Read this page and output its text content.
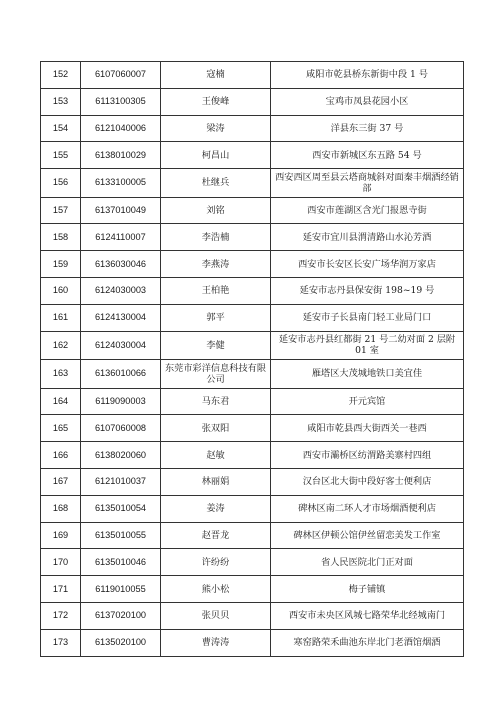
152	6107060007	寇楠	咸阳市乾县桥东新街中段 1 号
153	6113100305	王俊峰	宝鸡市凤县花园小区
154	6121040006	梁涛	洋县东三街 37 号
155	6138010029	柯昌山	西安市新城区东五路 54 号
156	6133100005	杜继兵	西安西区周至县云塔商城斜对面秦丰烟酒经销部
157	6137010049	刘铭	西安市莲湖区含光门报恩寺街
158	6124110007	李浩楠	延安市宜川县渭清路山水沁芳酒
159	6136030046	李燕涛	西安市长安区长安广场华润万家店
160	6124030003	王柏艳	延安市志丹县保安街 198~19 号
161	6124130004	郭平	延安市子长县南门轻工业局门口
162	6124030004	李健	延安市志丹县红都街 21 号二幼对面 2 层附 01 室
163	6136010066	东莞市彩洋信息科技有限公司	雁塔区大茂城地铁口美宜佳
164	6119090003	马东君	开元宾馆
165	6107060008	张双阳	咸阳市乾县西大街西关一巷西
166	6138020060	赵敏	西安市灞桥区纺渭路美寨村四组
167	6121010037	林丽娟	汉台区北大街中段好客士便利店
168	6135010054	姜涛	碑林区南二环人才市场烟酒便利店
169	6135010055	赵晋龙	碑林区伊顿公馆伊丝留恋美发工作室
170	6135010046	许纷纷	省人民医院北门正对面
171	6119010055	熊小松	梅子铺镇
172	6137020100	张贝贝	西安市未央区风城七路荣华北经城南门
173	6135020100	曹涛涛	寒窑路荣禾曲池东岸北门老酒馆烟酒
